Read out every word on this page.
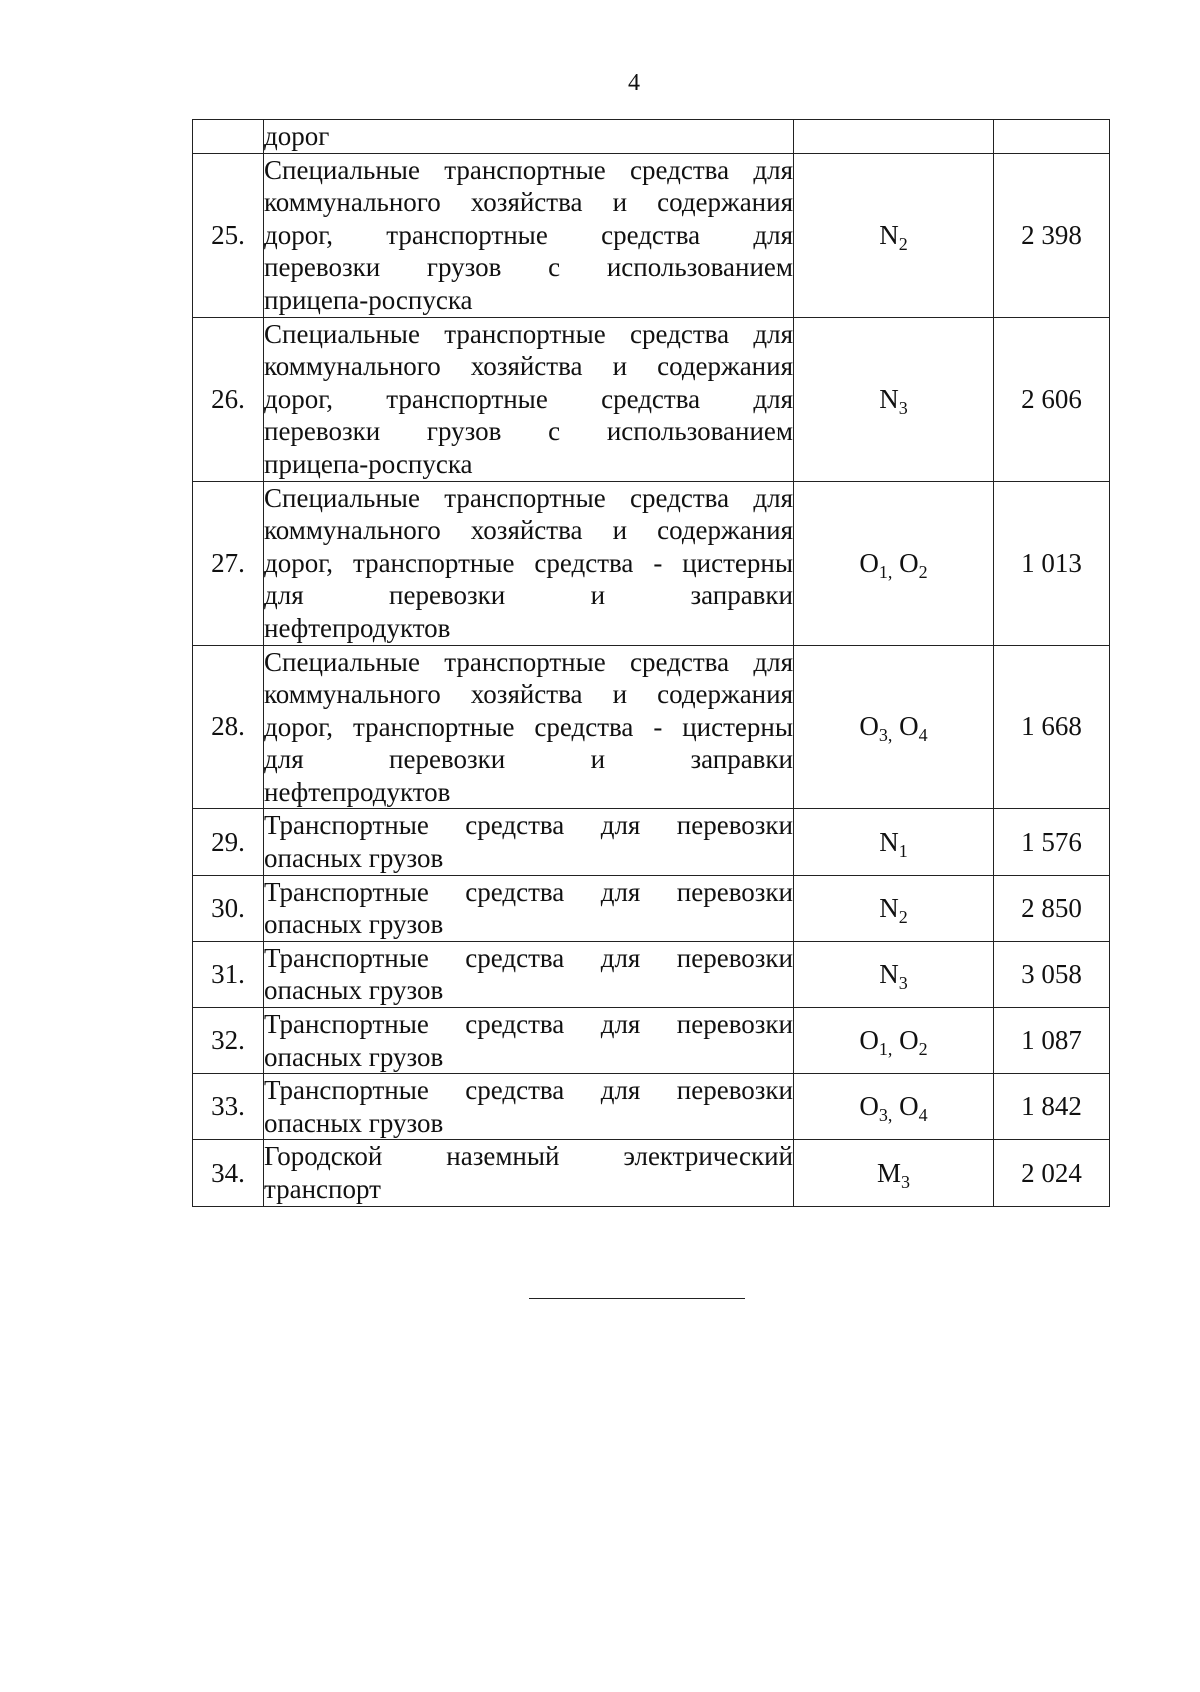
4

	дорог		

25.	Специальные транспортные средства для
коммунального хозяйства и содержания
дорог, транспортные средства для
перевозки грузов с использованием
прицепа-роспуска	$N_2$	2 398
26.	Специальные транспортные средства для
коммунального хозяйства и содержания
дорог, транспортные средства для
перевозки грузов с использованием
прицепа-роспуска	$N_3$	2 606
27.	Специальные транспортные средства для
коммунального хозяйства и содержания
дорог, транспортные средства - цистерны
для перевозки и заправки
нефтепродуктов	$O_{1,}$ $O_2$	1 013
28.	Специальные транспортные средства для
коммунального хозяйства и содержания
дорог, транспортные средства - цистерны
для перевозки и заправки
нефтепродуктов	$O_{3,}$ $O_4$	1 668
29.	Транспортные средства для перевозки
опасных грузов	$N_1$	1 576
30.	Транспортные средства для перевозки
опасных грузов	$N_2$	2 850
31.	Транспортные средства для перевозки
опасных грузов	$N_3$	3 058
32.	Транспортные средства для перевозки
опасных грузов	$O_{1,}$ $O_2$	1 087
33.	Транспортные средства для перевозки
опасных грузов	$O_{3,}$ $O_4$	1 842
34.	Городской наземный электрический
транспорт	$M_3$	2 024
